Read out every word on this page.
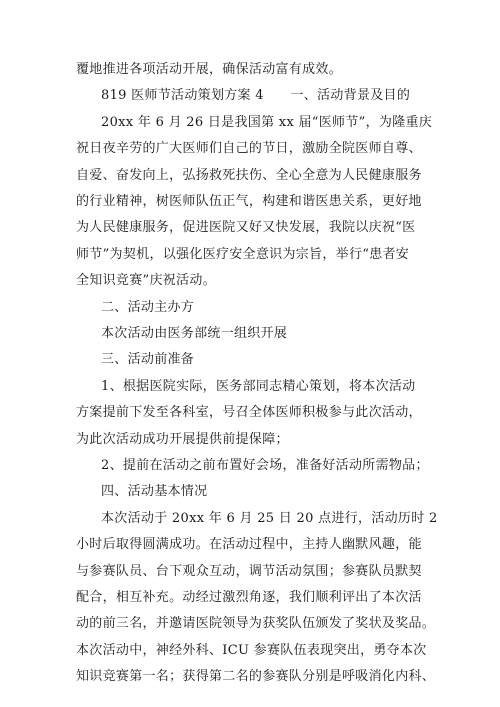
覆地推进各项活动开展，确保活动富有成效。
819 医师节活动策划方案 4　　一、活动背景及目的
20xx 年 6 月 26 日是我国第 xx 届“医师节”，为隆重庆
祝日夜辛劳的广大医师们自己的节日，激励全院医师自尊、
自爱、奋发向上，弘扬救死扶伤、全心全意为人民健康服务
的行业精神，树医师队伍正气，构建和谐医患关系，更好地
为人民健康服务，促进医院又好又快发展，我院以庆祝“医
师节”为契机，以强化医疗安全意识为宗旨，举行“患者安
全知识竞赛”庆祝活动。
二、活动主办方
本次活动由医务部统一组织开展
三、活动前准备
1、根据医院实际，医务部同志精心策划，将本次活动
方案提前下发至各科室，号召全体医师积极参与此次活动，
为此次活动成功开展提供前提保障；
2、提前在活动之前布置好会场，准备好活动所需物品；
四、活动基本情况
本次活动于 20xx 年 6 月 25 日 20 点进行，活动历时 2
小时后取得圆满成功。在活动过程中，主持人幽默风趣，能
与参赛队员、台下观众互动，调节活动氛围；参赛队员默契
配合，相互补充。动经过激烈角逐，我们顺利评出了本次活
动的前三名，并邀请医院领导为获奖队伍颁发了奖状及奖品。
本次活动中，神经外科、ICU 参赛队伍表现突出，勇夺本次
知识竞赛第一名；获得第二名的参赛队分别是呼吸消化内科、
